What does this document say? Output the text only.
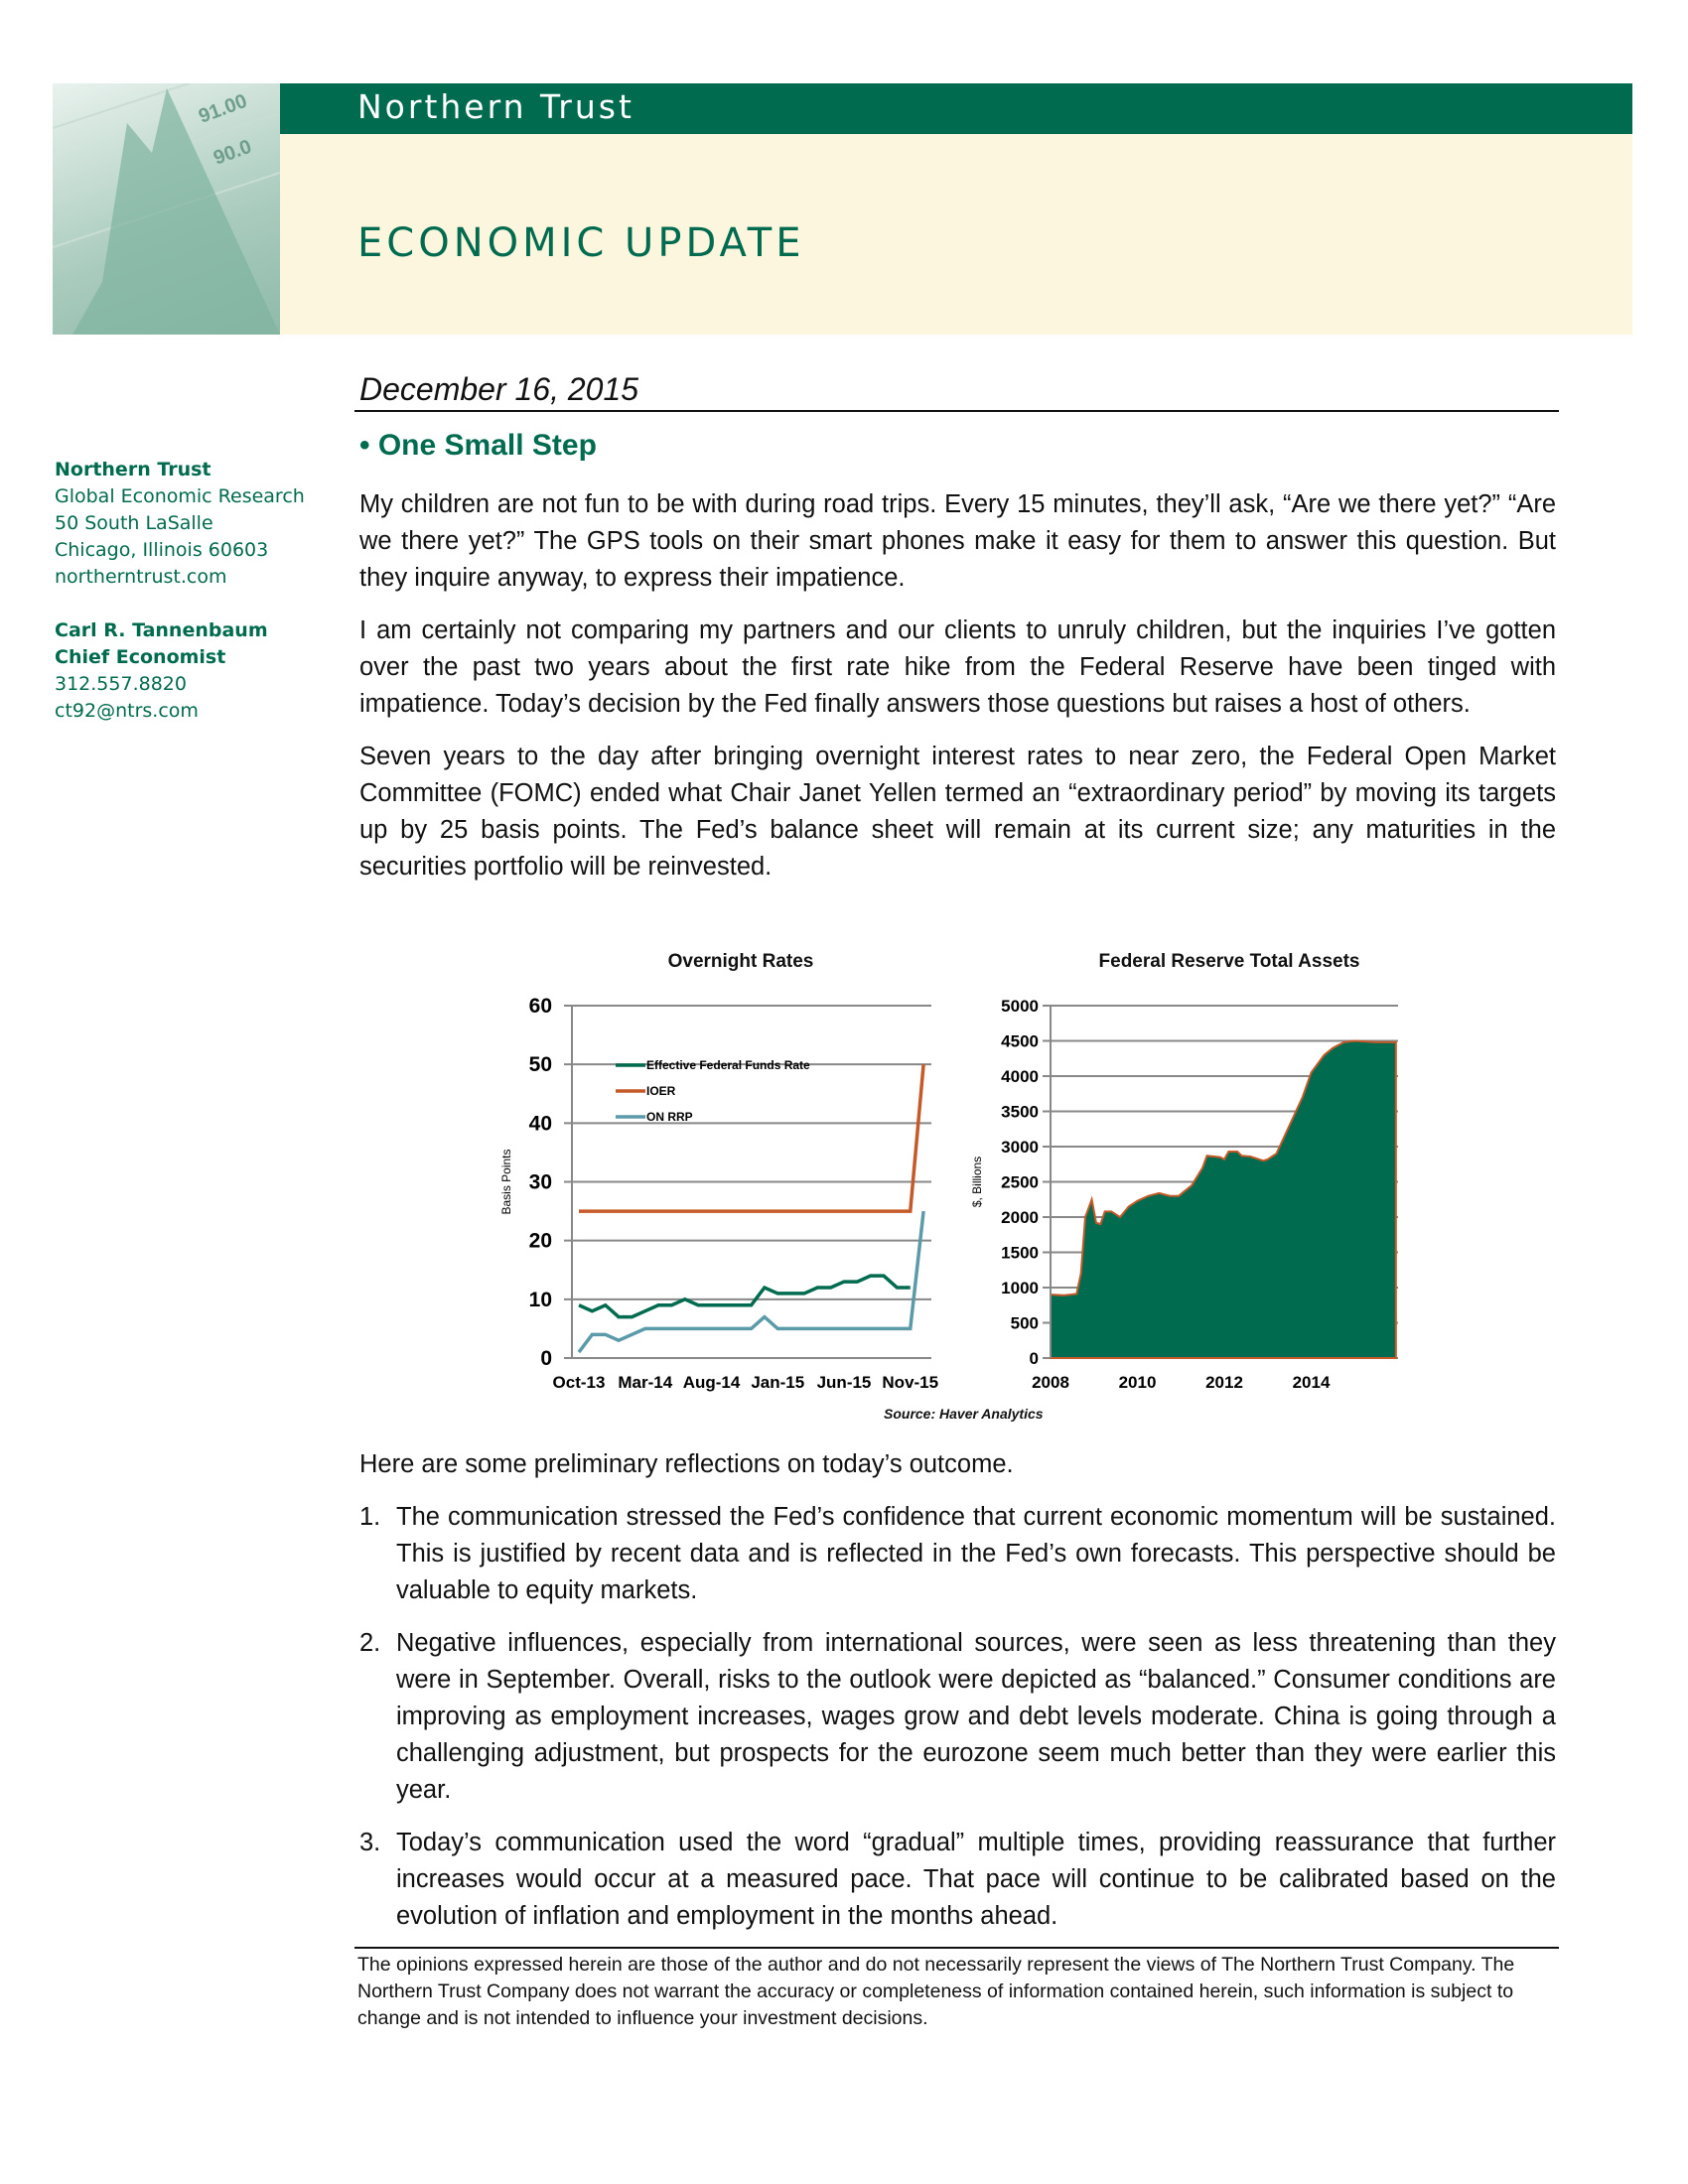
91.00
90.0
Northern Trust
ECONOMIC UPDATE
December 16, 2015
Northern Trust
Global Economic Research
50 South LaSalle
Chicago, Illinois 60603
northerntrust.com
Carl R. Tannenbaum
Chief Economist
312.557.8820
ct92@ntrs.com
• One Small Step

My children are not fun to be with during road trips. Every 15 minutes, they’ll ask, “Are we there yet?” “Are we there yet?” The GPS tools on their smart phones make it easy for them to answer this question. But they inquire anyway, to express their impatience.

I am certainly not comparing my partners and our clients to unruly children, but the inquiries I’ve gotten over the past two years about the first rate hike from the Federal Reserve have been tinged with impatience. Today’s decision by the Fed finally answers those questions but raises a host of others.

Seven years to the day after bringing overnight interest rates to near zero, the Federal Open Market Committee (FOMC) ended what Chair Janet Yellen termed an “extraordinary period” by moving its targets up by 25 basis points. The Fed’s balance sheet will remain at its current size; any maturities in the securities portfolio will be reinvested.

Overnight Rates	Federal Reserve Total Assets
0
10
20
30
40
50
60
Oct-13 Mar-14 Aug-14 Jan-15 Jun-15 Nov-15
Basis Points
Effective Federal Funds Rate
IOER
ON RRP
0
500
1000
1500
2000
2500
3000
3500
4000
4500
5000
2008	2010	2012	2014
$, Billions
Source: Haver Analytics

Here are some preliminary reflections on today’s outcome.

1. The communication stressed the Fed’s confidence that current economic momentum will be sustained. This is justified by recent data and is reflected in the Fed’s own forecasts. This perspective should be valuable to equity markets.
2. Negative influences, especially from international sources, were seen as less threatening than they were in September. Overall, risks to the outlook were depicted as “balanced.” Consumer conditions are improving as employment increases, wages grow and debt levels moderate. China is going through a challenging adjustment, but prospects for the eurozone seem much better than they were earlier this year.
3. Today’s communication used the word “gradual” multiple times, providing reassurance that further increases would occur at a measured pace. That pace will continue to be calibrated based on the evolution of inflation and employment in the months ahead.
The opinions expressed herein are those of the author and do not necessarily represent the views of The Northern Trust Company. The Northern Trust Company does not warrant the accuracy or completeness of information contained herein, such information is subject to change and is not intended to influence your investment decisions.
